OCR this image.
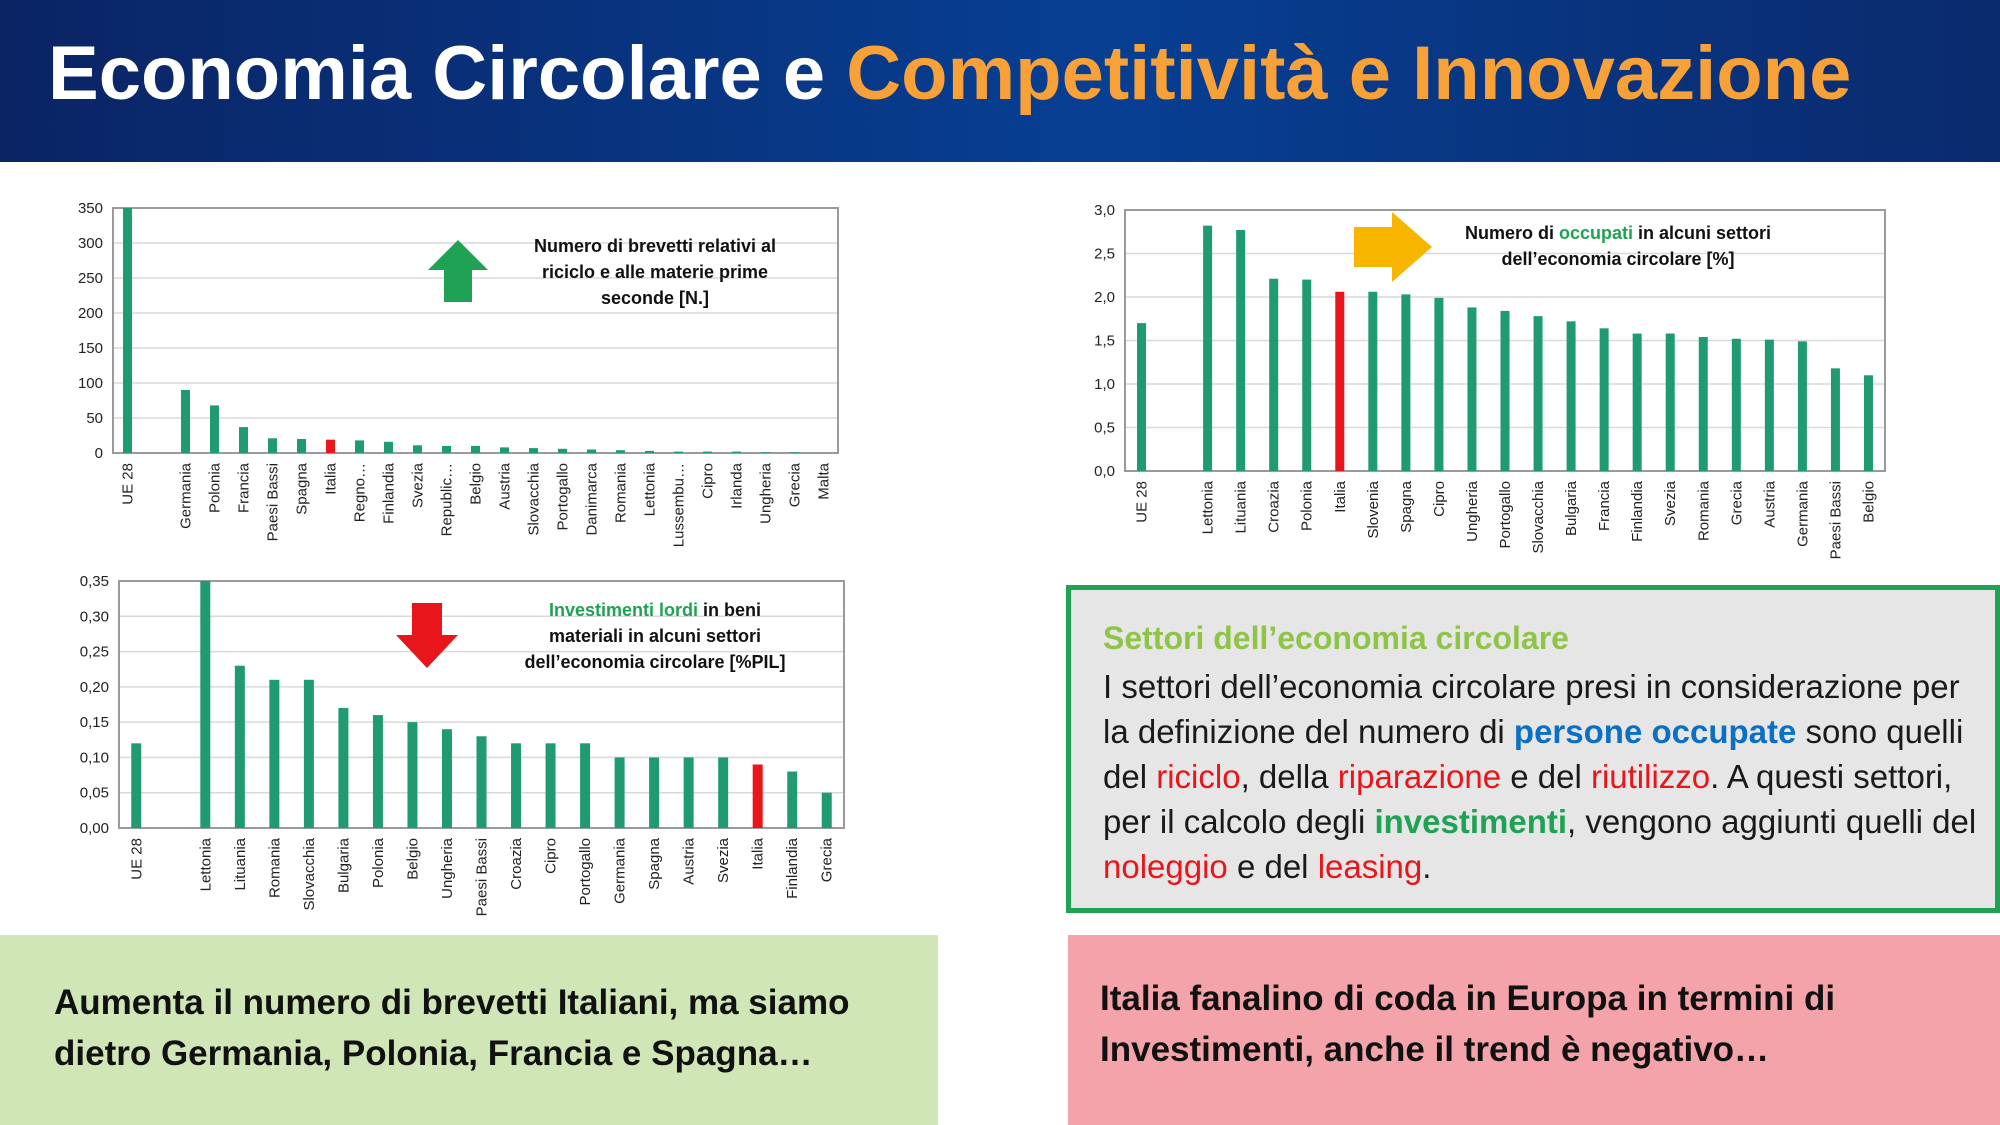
Economia Circolare e Competitività e Innovazione
0
50
100
150
200
250
300
350
UE 28	Germania Polonia Francia Paesi Bassi Spagna Italia Regno… Finlandia Svezia Republic… Belgio Austria Slovacchia Portogallo Danimarca Romania Lettonia Lussembu… Cipro Irlanda Ungheria Grecia Malta
Numero di brevetti relativi al
riciclo e alle materie prime
seconde [N.]
0,0
0,5
1,0
1,5
2,0
2,5
3,0
UE 28	Lettonia Lituania Croazia Polonia Italia Slovenia Spagna Cipro Ungheria Portogallo Slovacchia Bulgaria Francia Finlandia Svezia Romania Grecia Austria Germania Paesi Bassi Belgio
Numero di occupati in alcuni settori
dell’economia circolare [%]
0,00
0,05
0,10
0,15
0,20
0,25
0,30
0,35
UE 28	Lettonia Lituania Romania Slovacchia Bulgaria Polonia Belgio Ungheria Paesi Bassi Croazia Cipro Portogallo Germania Spagna Austria Svezia Italia Finlandia Grecia
Investimenti lordi in beni
materiali in alcuni settori
dell’economia circolare [%PIL]
Settori dell’economia circolare
I settori dell’economia circolare presi in considerazione per la definizione del numero di persone occupate sono quelli del riciclo, della riparazione e del riutilizzo. A questi settori, per il calcolo degli investimenti, vengono aggiunti quelli del noleggio e del leasing.
Aumenta il numero di brevetti Italiani, ma siamo dietro Germania, Polonia, Francia e Spagna…
Italia fanalino di coda in Europa in termini di Investimenti, anche il trend è negativo…
